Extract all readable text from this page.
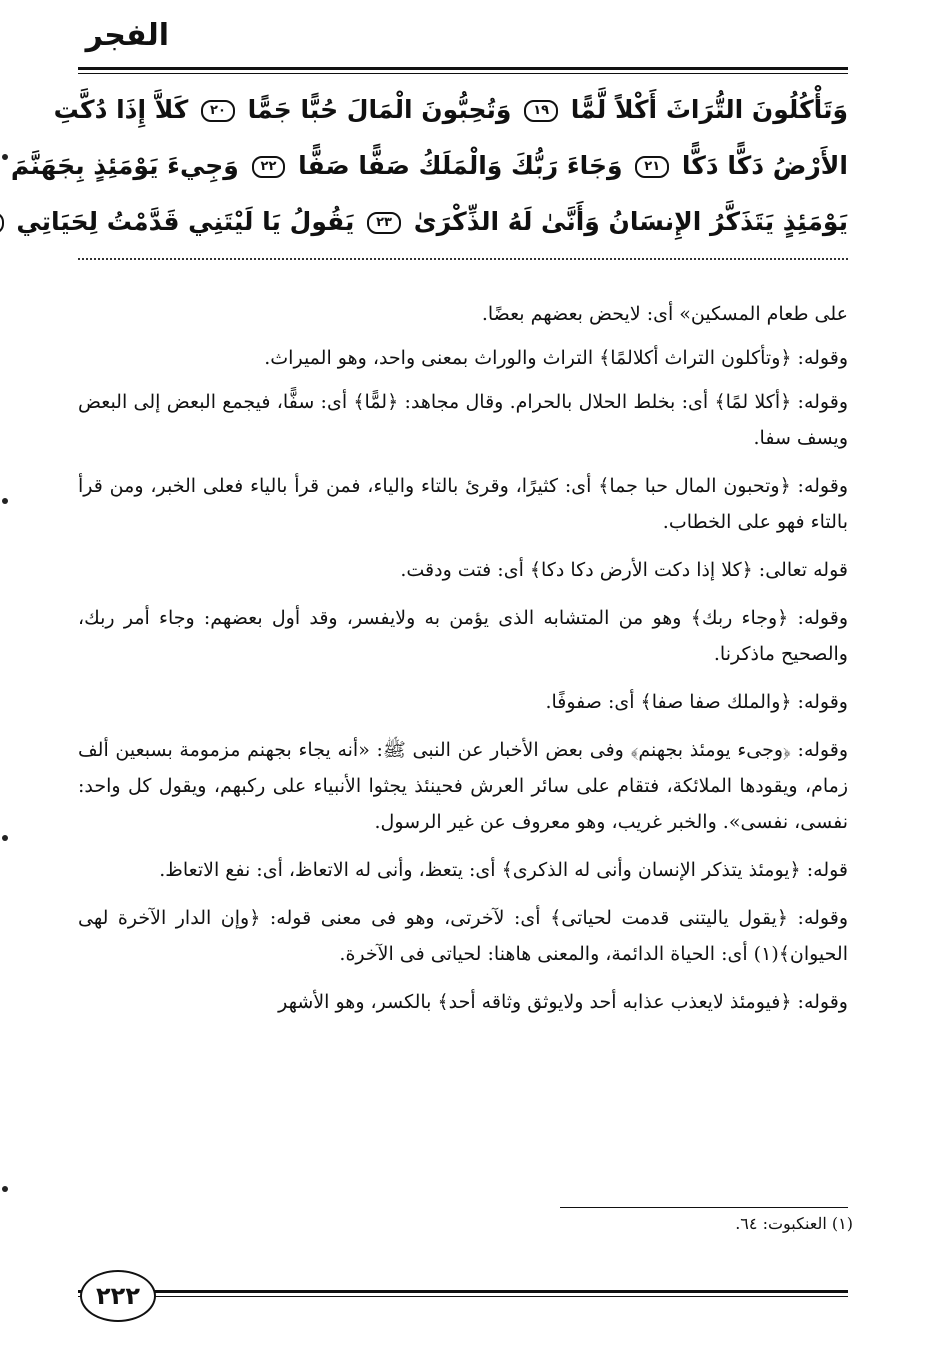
الفجر
وَتَأْكُلُونَ التُّرَاثَ أَكْلاً لَّمًّا ١٩ وَتُحِبُّونَ الْمَالَ حُبًّا جَمًّا ٢٠ كَلاَّ إِذَا دُكَّتِ
الأَرْضُ دَكًّا دَكًّا ٢١ وَجَاءَ رَبُّكَ وَالْمَلَكُ صَفًّا صَفًّا ٢٢ وَجِيءَ يَوْمَئِذٍ بِجَهَنَّمَ
يَوْمَئِذٍ يَتَذَكَّرُ الإِنسَانُ وَأَنَّىٰ لَهُ الذِّكْرَىٰ ٢٣ يَقُولُ يَا لَيْتَنِي قَدَّمْتُ لِحَيَاتِي

على طعام المسكين» أى: لايحض بعضهم بعضًا.

وقوله: ﴿وتأكلون التراث أكلالمًا﴾ التراث والوراث بمعنى واحد، وهو الميراث.

وقوله: ﴿أكلا لمًا﴾ أى: بخلط الحلال بالحرام. وقال مجاهد: ﴿لمًّا﴾ أى: سفًّا، فيجمع البعض إلى البعض ويسف سفا.

وقوله: ﴿وتحبون المال حبا جما﴾ أى: كثيرًا، وقرئ بالتاء والياء، فمن قرأ بالياء فعلى الخبر، ومن قرأ بالتاء فهو على الخطاب.

قوله تعالى: ﴿كلا إذا دكت الأرض دكا دكا﴾ أى: فتت ودقت.

وقوله: ﴿وجاء ربك﴾ وهو من المتشابه الذى يؤمن به ولايفسر، وقد أول بعضهم: وجاء أمر ربك، والصحيح ماذكرنا.

وقوله: ﴿والملك صفا صفا﴾ أى: صفوفًا.

وقوله: ﴿وجىء يومئذ بجهنم﴾ وفى بعض الأخبار عن النبى ﷺ: «أنه يجاء بجهنم مزمومة بسبعين ألف زمام، ويقودها الملائكة، فتقام على سائر العرش فحينئذ يجثوا الأنبياء على ركبهم، ويقول كل واحد: نفسى، نفسى». والخبر غريب، وهو معروف عن غير الرسول.

قوله: ﴿يومئذ يتذكر الإنسان وأنى له الذكرى﴾ أى: يتعظ، وأنى له الاتعاظ، أى: نفع الاتعاظ.

وقوله: ﴿يقول ياليتنى قدمت لحياتى﴾ أى: لآخرتى، وهو فى معنى قوله: ﴿وإن الدار الآخرة لهى الحيوان﴾(١) أى: الحياة الدائمة، والمعنى هاهنا: لحياتى فى الآخرة.

وقوله: ﴿فيومئذ لايعذب عذابه أحد ولايوثق وثاقه أحد﴾ بالكسر، وهو الأشهر

(١) العنكبوت: ٦٤.
٢٢٢
